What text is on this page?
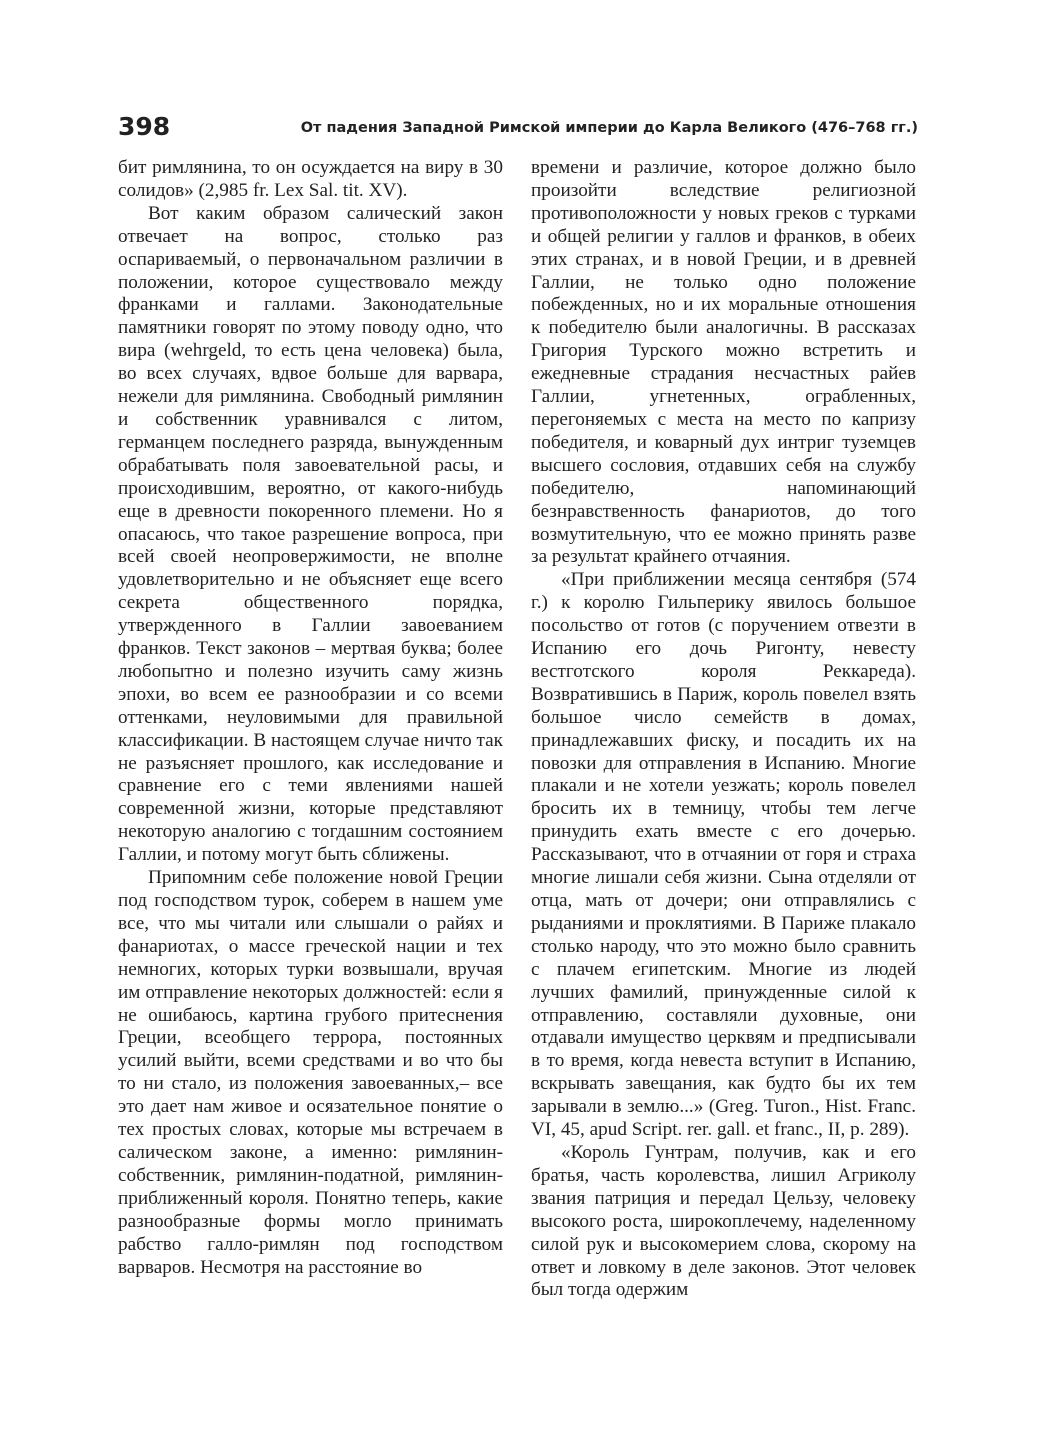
398	От падения Западной Римской империи до Карла Великого (476–768 гг.)

бит римлянина, то он осуждается на виру в 30 солидов» (2,985 fr. Lex Sal. tit. XV).

Вот каким образом салический закон отвечает на вопрос, столько раз оспариваемый, о первоначальном различии в положении, которое существовало между франками и галлами. Законодательные памятники говорят по этому поводу одно, что вира (wehrgeld, то есть цена человека) была, во всех случаях, вдвое больше для варвара, нежели для римлянина. Свободный римлянин и собственник уравнивался с литом, германцем последнего разряда, вынужденным обрабатывать поля завоевательной расы, и происходившим, вероятно, от какого-нибудь еще в древности покоренного племени. Но я опасаюсь, что такое разрешение вопроса, при всей своей неопровержимости, не вполне удовлетворительно и не объясняет еще всего секрета общественного порядка, утвержденного в Галлии завоеванием франков. Текст законов – мертвая буква; более любопытно и полезно изучить саму жизнь эпохи, во всем ее разнообразии и со всеми оттенками, неуловимыми для правильной классификации. В настоящем случае ничто так не разъясняет прошлого, как исследование и сравнение его с теми явлениями нашей современной жизни, которые представляют некоторую аналогию с тогдашним состоянием Галлии, и потому могут быть сближены.

Припомним себе положение новой Греции под господством турок, соберем в нашем уме все, что мы читали или слышали о райях и фанариотах, о массе греческой нации и тех немногих, которых турки возвышали, вручая им отправление некоторых должностей: если я не ошибаюсь, картина грубого притеснения Греции, всеобщего террора, постоянных усилий выйти, всеми средствами и во что бы то ни стало, из положения завоеванных,– все это дает нам живое и осязательное понятие о тех простых словах, которые мы встречаем в салическом законе, а именно: римлянин-собственник, римлянин-податной, римлянин-приближенный короля. Понятно теперь, какие разнообразные формы могло принимать рабство галло-римлян под господством варваров. Несмотря на расстояние во

времени и различие, которое должно было произойти вследствие религиозной противоположности у новых греков с турками и общей религии у галлов и франков, в обеих этих странах, и в новой Греции, и в древней Галлии, не только одно положение побежденных, но и их моральные отношения к победителю были аналогичны. В рассказах Григория Турского можно встретить и ежедневные страдания несчастных райев Галлии, угнетенных, ограбленных, перегоняемых с места на место по капризу победителя, и коварный дух интриг туземцев высшего сословия, отдавших себя на службу победителю, напоминающий безнравственность фанариотов, до того возмутительную, что ее можно принять разве за результат крайнего отчаяния.

«При приближении месяца сентября (574 г.) к королю Гильперику явилось большое посольство от готов (с поручением отвезти в Испанию его дочь Ригонту, невесту вестготского короля Реккареда). Возвратившись в Париж, король повелел взять большое число семейств в домах, принадлежавших фиску, и посадить их на повозки для отправления в Испанию. Многие плакали и не хотели уезжать; король повелел бросить их в темницу, чтобы тем легче принудить ехать вместе с его дочерью. Рассказывают, что в отчаянии от горя и страха многие лишали себя жизни. Сына отделяли от отца, мать от дочери; они отправлялись с рыданиями и проклятиями. В Париже плакало столько народу, что это можно было сравнить с плачем египетским. Многие из людей лучших фамилий, принужденные силой к отправлению, составляли духовные, они отдавали имущество церквям и предписывали в то время, когда невеста вступит в Испанию, вскрывать завещания, как будто бы их тем зарывали в землю...» (Greg. Turon., Hist. Franc. VI, 45, apud Script. rer. gall. et franc., II, p. 289).

«Король Гунтрам, получив, как и его братья, часть королевства, лишил Агриколу звания патриция и передал Цельзу, человеку высокого роста, широкоплечему, наделенному силой рук и высокомерием слова, скорому на ответ и ловкому в деле законов. Этот человек был тогда одержим
